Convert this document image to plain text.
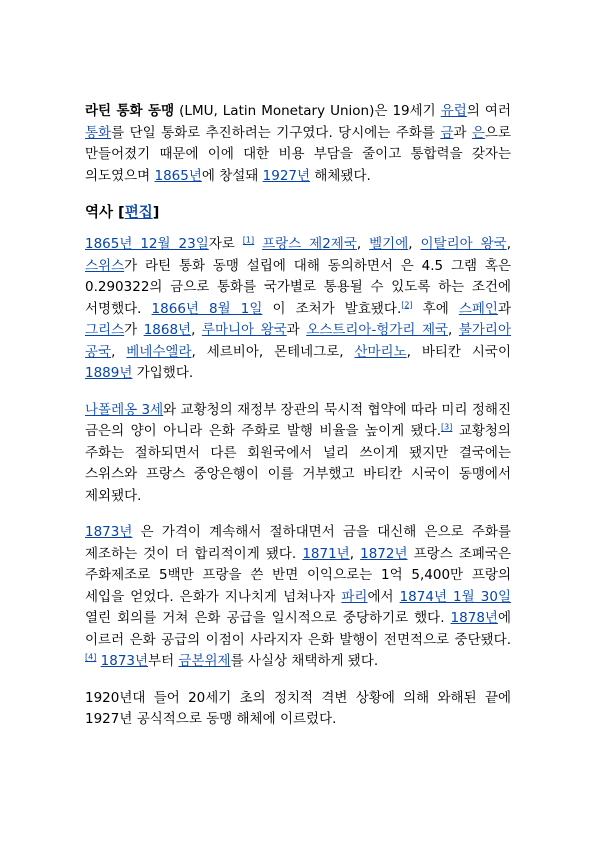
라틴 통화 동맹 (LMU, Latin Monetary Union)은 19세기 유럽의 여러 통화를 단일 통화로 추진하려는 기구였다. 당시에는 주화를 금과 은으로 만들어졌기 때문에 이에 대한 비용 부담을 줄이고 통합력을 갖자는 의도였으며 1865년에 창설돼 1927년 해체됐다.

역사 [편집]

1865년 12월 23일자로 [1] 프랑스 제2제국, 벨기에, 이탈리아 왕국, 스위스가 라틴 통화 동맹 설립에 대해 동의하면서 은 4.5 그램 혹은 0.290322의 금으로 통화를 국가별로 통용될 수 있도록 하는 조건에 서명했다. 1866년 8월 1일 이 조처가 발효됐다.[2] 후에 스페인과 그리스가 1868년, 루마니아 왕국과 오스트리아-헝가리 제국, 불가리아 공국, 베네수엘라, 세르비아, 몬테네그로, 산마리노, 바티칸 시국이 1889년 가입했다.

나폴레옹 3세와 교황청의 재정부 장관의 묵시적 협약에 따라 미리 정해진 금은의 양이 아니라 은화 주화로 발행 비율을 높이게 됐다.[3] 교황청의 주화는 절하되면서 다른 회원국에서 널리 쓰이게 됐지만 결국에는 스위스와 프랑스 중앙은행이 이를 거부했고 바티칸 시국이 동맹에서 제외됐다.

1873년 은 가격이 계속해서 절하대면서 금을 대신해 은으로 주화를 제조하는 것이 더 합리적이게 됐다. 1871년, 1872년 프랑스 조폐국은 주화제조로 5백만 프랑을 쓴 반면 이익으로는 1억 5,400만 프랑의 세입을 얻었다. 은화가 지나치게 넘쳐나자 파리에서 1874년 1월 30일 열린 회의를 거쳐 은화 공급을 일시적으로 중당하기로 했다. 1878년에 이르러 은화 공급의 이점이 사라지자 은화 발행이 전면적으로 중단됐다.[4] 1873년부터 금본위제를 사실상 채택하게 됐다.

1920년대 들어 20세기 초의 정치적 격변 상황에 의해 와해된 끝에 1927년 공식적으로 동맹 해체에 이르렀다.
